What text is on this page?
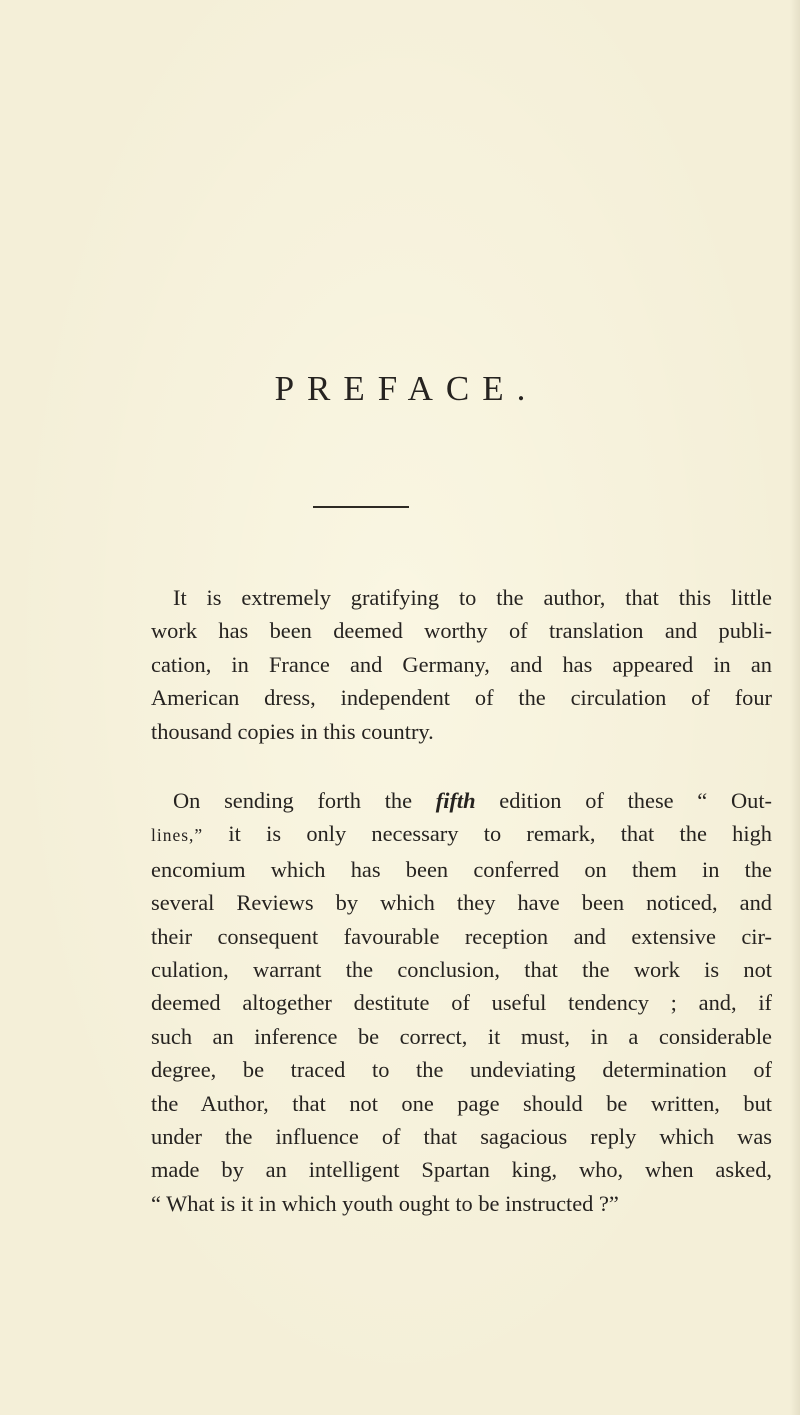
PREFACE.
It is extremely gratifying to the author, that this little
work has been deemed worthy of translation and publi-
cation, in France and Germany, and has appeared in an
American dress, independent of the circulation of four
thousand copies in this country.
On sending forth the fifth edition of these “ Out-
lines,” it is only necessary to remark, that the high
encomium which has been conferred on them in the
several Reviews by which they have been noticed, and
their consequent favourable reception and extensive cir-
culation, warrant the conclusion, that the work is not
deemed altogether destitute of useful tendency ; and, if
such an inference be correct, it must, in a considerable
degree, be traced to the undeviating determination of
the Author, that not one page should be written, but
under the influence of that sagacious reply which was
made by an intelligent Spartan king, who, when asked,
“ What is it in which youth ought to be instructed ?”
